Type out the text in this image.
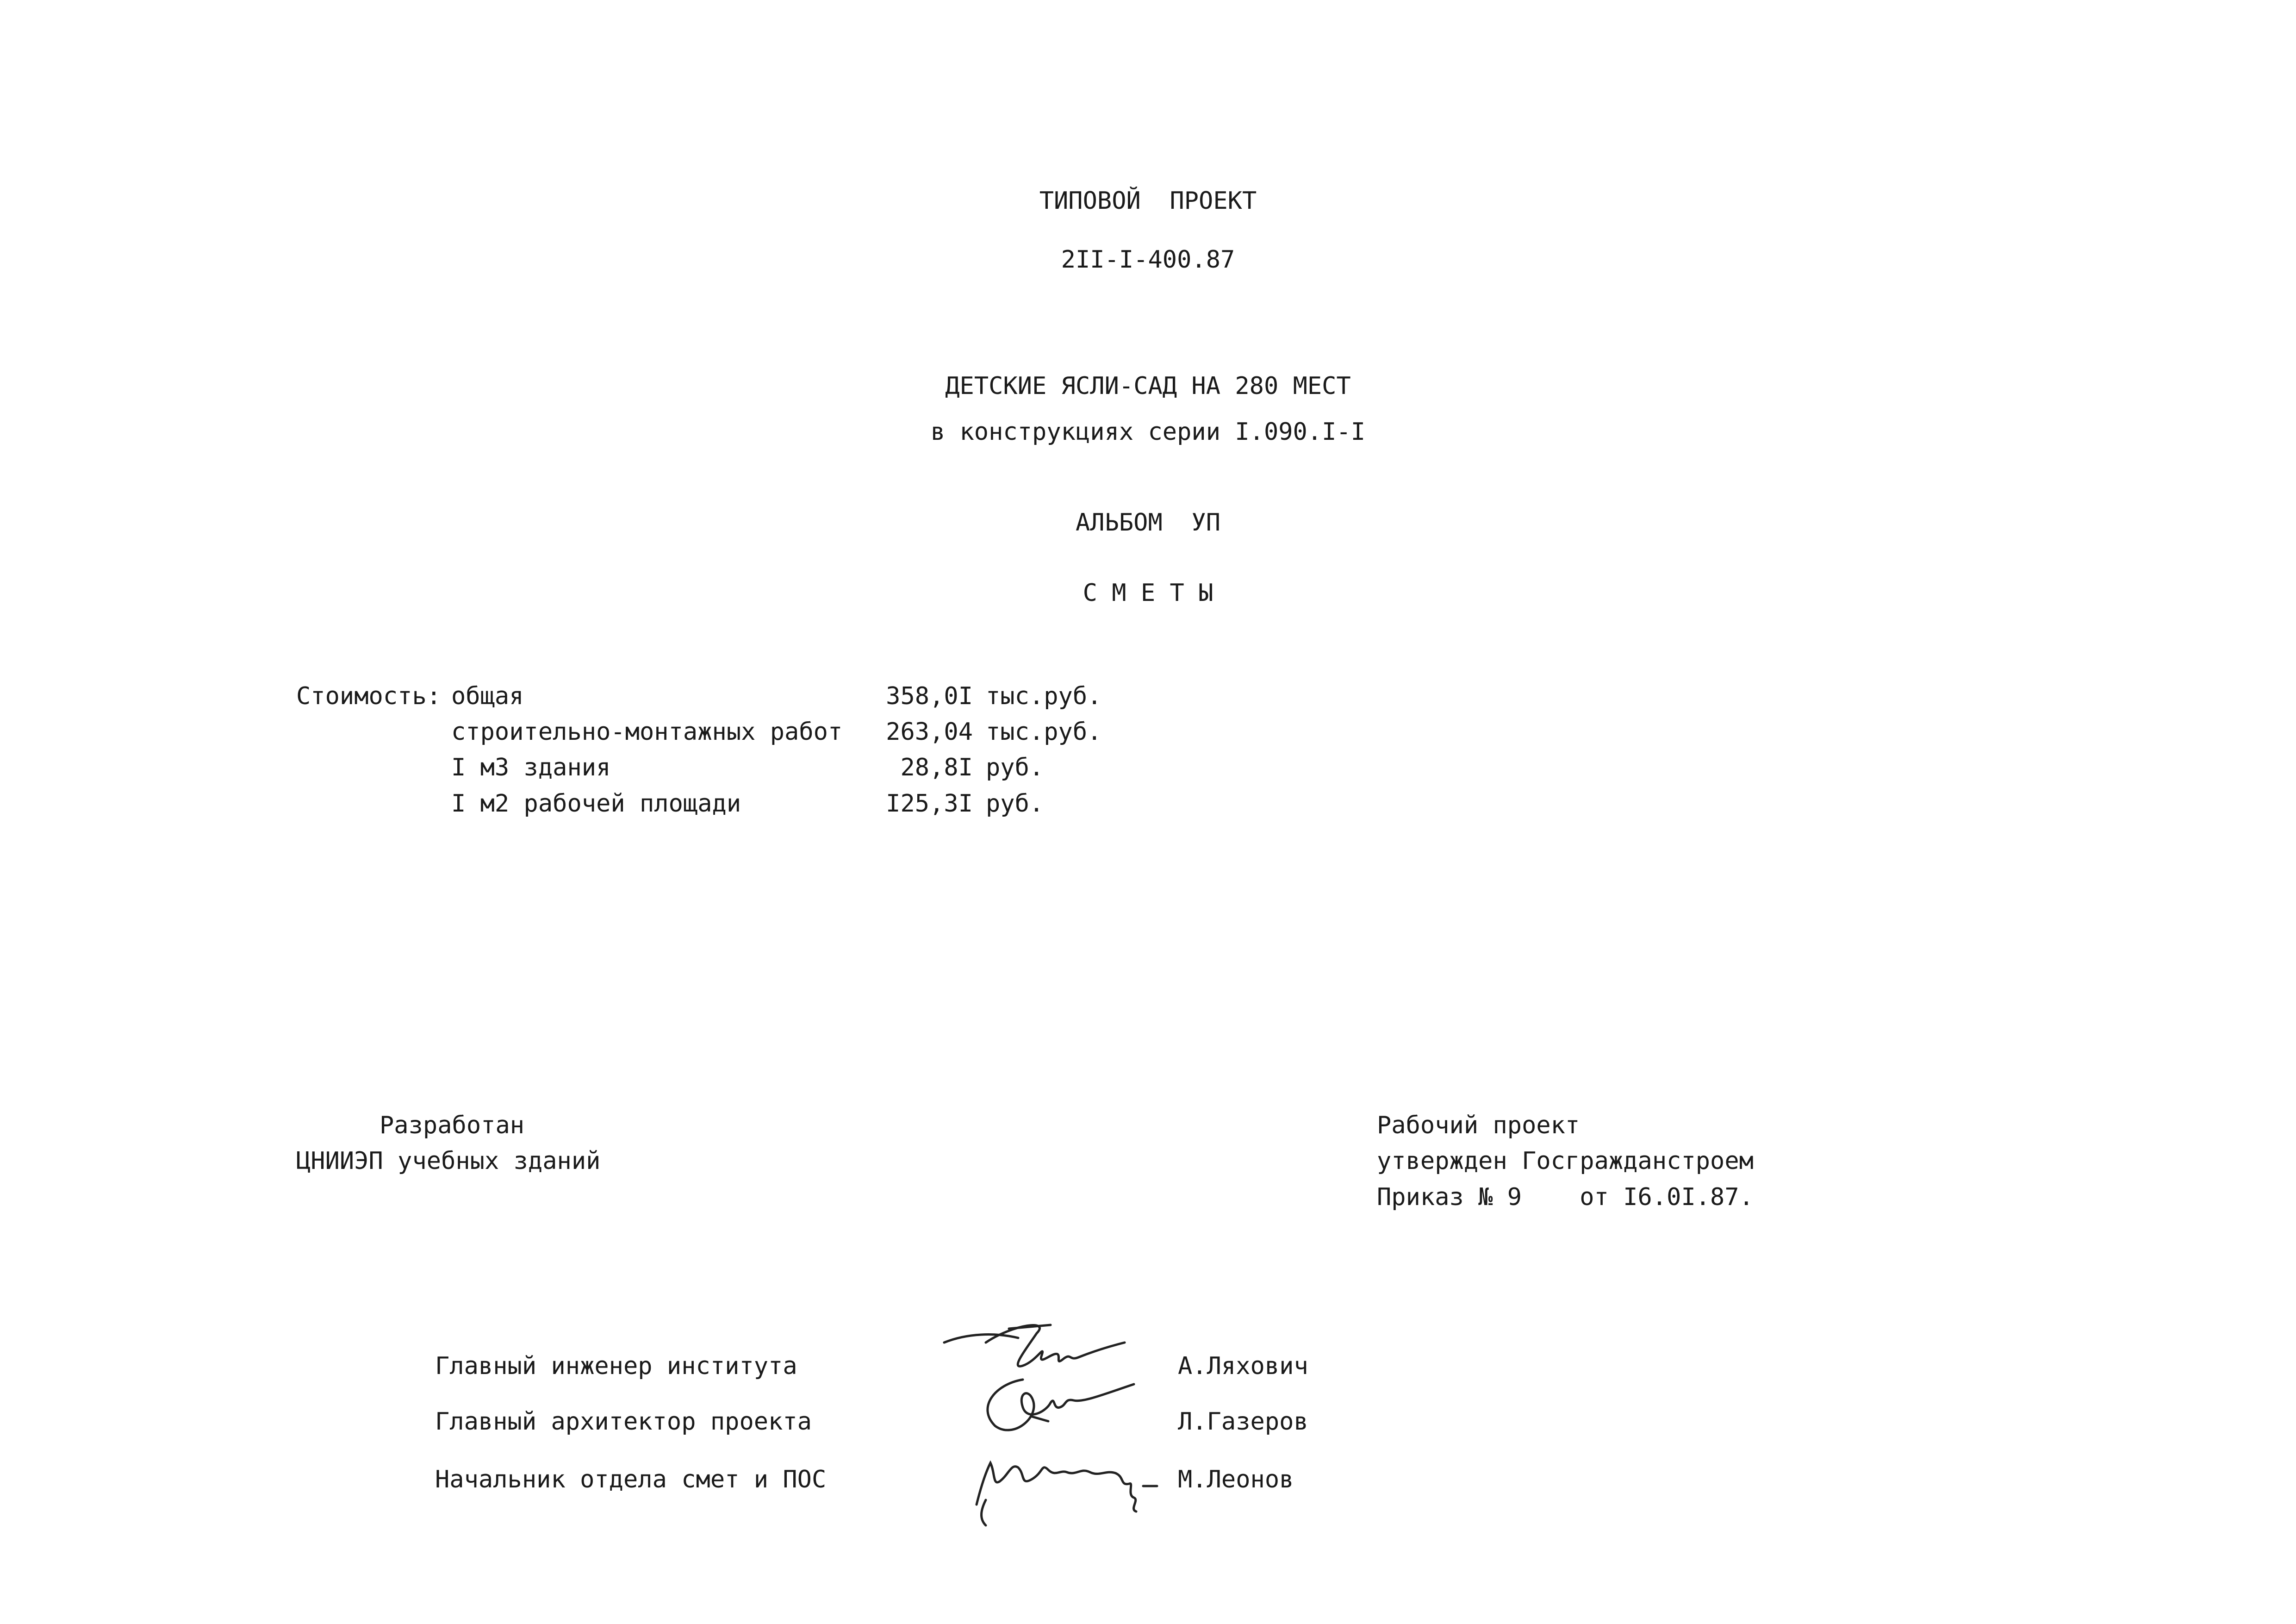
ТИПОВОЙ  ПРОЕКТ
2II-I-400.87
ДЕТСКИЕ ЯСЛИ-САД НА 280 МЕСТ
в конструкциях серии I.090.I-I
АЛЬБОМ  УП
С М Е Т Ы
Стоимость: общая	358,0I тыс.руб.
строительно-монтажных работ	263,04 тыс.руб.
I м3 здания	28,8I руб.
I м2 рабочей площади	I25,3I руб.
Разработан
ЦНИИЭП учебных зданий
Рабочий проект
утвержден Госгражданстроем
Приказ № 9    от I6.0I.87.
Главный инженер института	А.Ляхович
Главный архитектор проекта	Л.Газеров
Начальник отдела смет и ПОС	М.Леонов
